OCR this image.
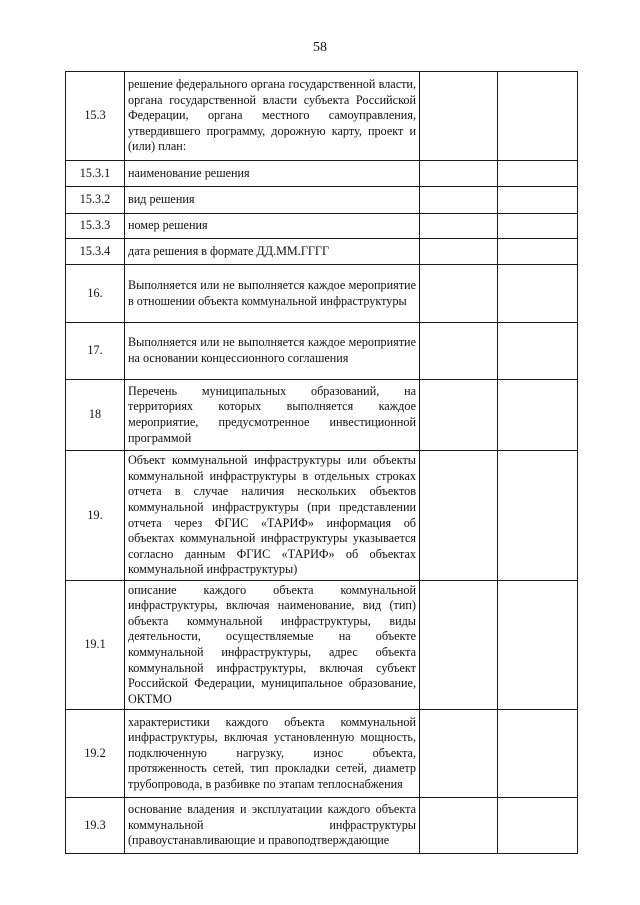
58
15.3	решение федерального органа государственной власти, органа государственной власти субъекта Российской Федерации, органа местного самоуправления, утвердившего программу, дорожную карту, проект и (или) план:		
15.3.1	наименование решения		
15.3.2	вид решения		
15.3.3	номер решения		
15.3.4	дата решения в формате ДД.ММ.ГГГГ		
16.	Выполняется или не выполняется каждое мероприятие в отношении объекта коммунальной инфраструктуры		
17.	Выполняется или не выполняется каждое мероприятие на основании концессионного соглашения		
18	Перечень муниципальных образований, на территориях которых выполняется каждое мероприятие, предусмотренное инвестиционной программой		
19.	Объект коммунальной инфраструктуры или объекты коммунальной инфраструктуры в отдельных строках отчета в случае наличия нескольких объектов коммунальной инфраструктуры (при представлении отчета через ФГИС «ТАРИФ» информация об объектах коммунальной инфраструктуры указывается согласно данным ФГИС «ТАРИФ» об объектах коммунальной инфраструктуры)		
19.1	описание каждого объекта коммунальной инфраструктуры, включая наименование, вид (тип) объекта коммунальной инфраструктуры, виды деятельности, осуществляемые на объекте коммунальной инфраструктуры, адрес объекта коммунальной инфраструктуры, включая субъект Российской Федерации, муниципальное образование, ОКТМО		
19.2	характеристики каждого объекта коммунальной инфраструктуры, включая установленную мощность, подключенную нагрузку, износ объекта, протяженность сетей, тип прокладки сетей, диаметр трубопровода, в разбивке по этапам теплоснабжения		
19.3	основание владения и эксплуатации каждого объекта коммунальной инфраструктуры (правоустанавливающие и правоподтверждающие		
